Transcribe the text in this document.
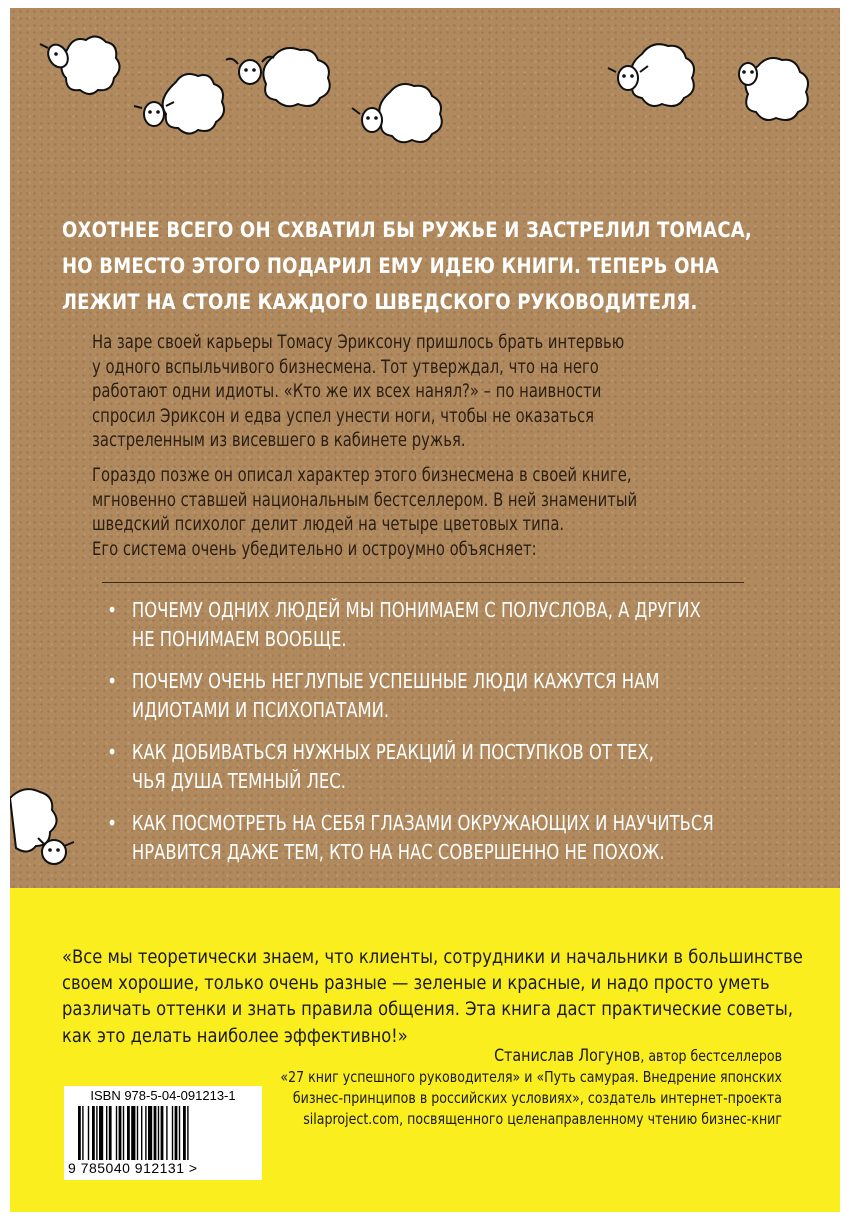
ОХОТНЕЕ ВСЕГО ОН СХВАТИЛ БЫ РУЖЬЕ И ЗАСТРЕЛИЛ ТОМАСА,
НО ВМЕСТО ЭТОГО ПОДАРИЛ ЕМУ ИДЕЮ КНИГИ. ТЕПЕРЬ ОНА
ЛЕЖИТ НА СТОЛЕ КАЖДОГО ШВЕДСКОГО РУКОВОДИТЕЛЯ.
На заре своей карьеры Томасу Эриксону пришлось брать интервью
у одного вспыльчивого бизнесмена. Тот утверждал, что на него
работают одни идиоты. «Кто же их всех нанял?» – по наивности
спросил Эриксон и едва успел унести ноги, чтобы не оказаться
застреленным из висевшего в кабинете ружья.
Гораздо позже он описал характер этого бизнесмена в своей книге,
мгновенно ставшей национальным бестселлером. В ней знаменитый
шведский психолог делит людей на четыре цветовых типа.
Его система очень убедительно и остроумно объясняет:
• ПОЧЕМУ ОДНИХ ЛЮДЕЙ МЫ ПОНИМАЕМ С ПОЛУСЛОВА, А ДРУГИХ
НЕ ПОНИМАЕМ ВООБЩЕ.
• ПОЧЕМУ ОЧЕНЬ НЕГЛУПЫЕ УСПЕШНЫЕ ЛЮДИ КАЖУТСЯ НАМ
ИДИОТАМИ И ПСИХОПАТАМИ.
• КАК ДОБИВАТЬСЯ НУЖНЫХ РЕАКЦИЙ И ПОСТУПКОВ ОТ ТЕХ,
ЧЬЯ ДУША ТЕМНЫЙ ЛЕС.
• КАК ПОСМОТРЕТЬ НА СЕБЯ ГЛАЗАМИ ОКРУЖАЮЩИХ И НАУЧИТЬСЯ
НРАВИТСЯ ДАЖЕ ТЕМ, КТО НА НАС СОВЕРШЕННО НЕ ПОХОЖ.
«Все мы теоретически знаем, что клиенты, сотрудники и начальники в большинстве
своем хорошие, только очень разные — зеленые и красные, и надо просто уметь
различать оттенки и знать правила общения. Эта книга даст практические советы,
как это делать наиболее эффективно!»
Станислав Логунов, автор бестселлеров
«27 книг успешного руководителя» и «Путь самурая. Внедрение японских
бизнес-принципов в российских условиях», создатель интернет-проекта
silaproject.com, посвященного целенаправленному чтению бизнес-книг
ISBN 978-5-04-091213-1
9 785040 912131 >
